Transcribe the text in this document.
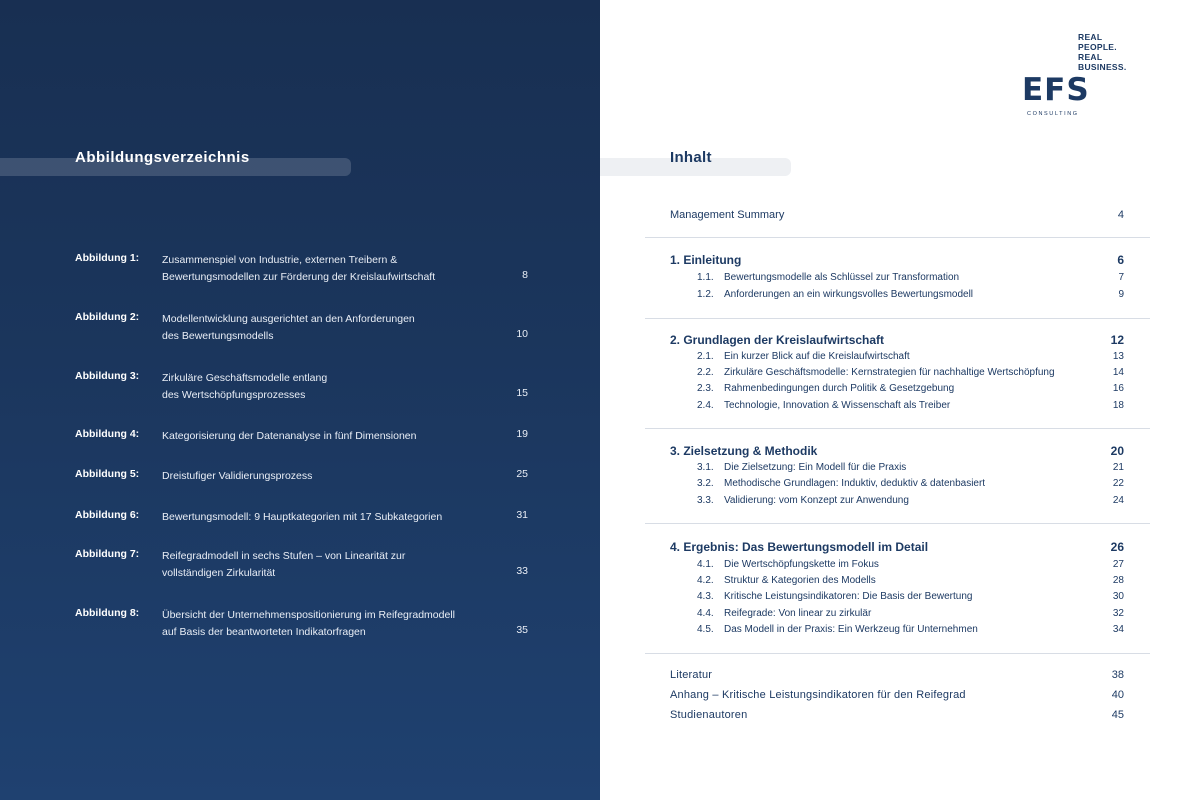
Abbildungsverzeichnis
Abbildung 1: Zusammenspiel von Industrie, externen Treibern &
Bewertungsmodellen zur Förderung der Kreislaufwirtschaft	8
Abbildung 2: Modellentwicklung ausgerichtet an den Anforderungen
des Bewertungsmodells	10
Abbildung 3: Zirkuläre Geschäftsmodelle entlang
des Wertschöpfungsprozesses	15
Abbildung 4: Kategorisierung der Datenanalyse in fünf Dimensionen	19
Abbildung 5: Dreistufiger Validierungsprozess	25
Abbildung 6: Bewertungsmodell: 9 Hauptkategorien mit 17 Subkategorien	31
Abbildung 7: Reifegradmodell in sechs Stufen – von Linearität zur
vollständigen Zirkularität	33
Abbildung 8: Übersicht der Unternehmenspositionierung im Reifegradmodell
auf Basis der beantworteten Indikatorfragen	35
REAL
PEOPLE.
REAL
BUSINESS.
EFS
CONSULTING
Inhalt
Management Summary	4
1. Einleitung	6
1.1. Bewertungsmodelle als Schlüssel zur Transformation	7
1.2. Anforderungen an ein wirkungsvolles Bewertungsmodell	9
2. Grundlagen der Kreislaufwirtschaft	12
2.1. Ein kurzer Blick auf die Kreislaufwirtschaft	13
2.2. Zirkuläre Geschäftsmodelle: Kernstrategien für nachhaltige Wertschöpfung	14
2.3. Rahmenbedingungen durch Politik & Gesetzgebung	16
2.4. Technologie, Innovation & Wissenschaft als Treiber	18
3. Zielsetzung & Methodik	20
3.1. Die Zielsetzung: Ein Modell für die Praxis	21
3.2. Methodische Grundlagen: Induktiv, deduktiv & datenbasiert	22
3.3. Validierung: vom Konzept zur Anwendung	24
4. Ergebnis: Das Bewertungsmodell im Detail	26
4.1. Die Wertschöpfungskette im Fokus	27
4.2. Struktur & Kategorien des Modells	28
4.3. Kritische Leistungsindikatoren: Die Basis der Bewertung	30
4.4. Reifegrade: Von linear zu zirkulär	32
4.5. Das Modell in der Praxis: Ein Werkzeug für Unternehmen	34
Literatur	38
Anhang – Kritische Leistungsindikatoren für den Reifegrad	40
Studienautoren	45
